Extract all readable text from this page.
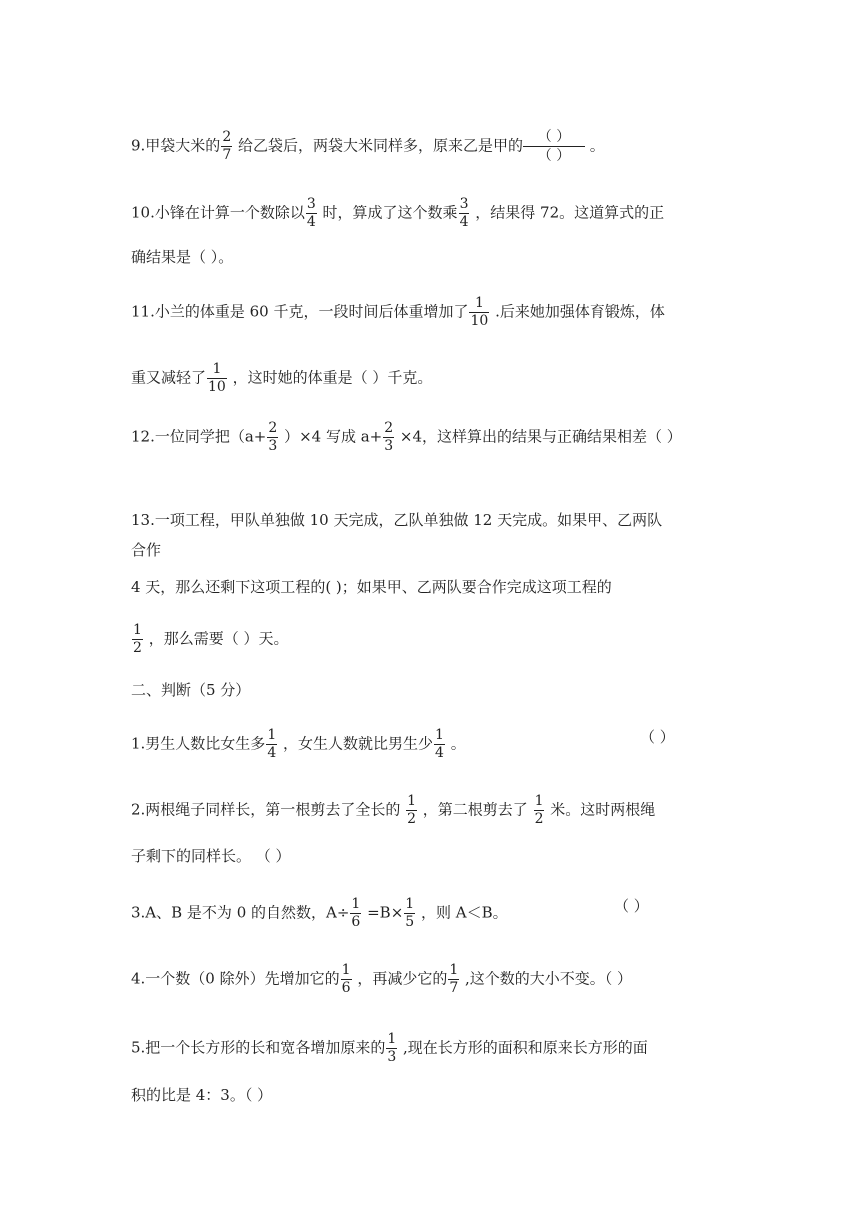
9.甲袋大米的 $\frac{2}{7}$ 给乙袋后，两袋大米同样多，原来乙是甲的 （ ）
（ ） 。
10.小锋在计算一个数除以 $\frac{3}{4}$ 时，算成了这个数乘 $\frac{3}{4}$ ，结果得 72。这道算式的正
确结果是（ ）。
11.小兰的体重是 60 千克，一段时间后体重增加了 $\frac{1}{10}$ .后来她加强体育锻炼，体
重又减轻了 $\frac{1}{10}$ ，这时她的体重是（ ）千克。
12.一位同学把$(a+ \frac{2}{3} )\times 4$ 写成 $a+ \frac{2}{3} \times 4$，这样算出的结果与正确结果相差（ ）
13.一项工程，甲队单独做 10 天完成，乙队单独做 12 天完成。如果甲、乙两队
合作
4 天，那么还剩下这项工程的( )；如果甲、乙两队要合作完成这项工程的
$\frac{1}{2}$ ，那么需要（ ）天。
二、判断（5 分）
1.男生人数比女生多 $\frac{1}{4}$ ，女生人数就比男生少 $\frac{1}{4}$ 。	（ ）
2.两根绳子同样长，第一根剪去了全长的 $\frac{1}{2}$ ，第二根剪去了 $\frac{1}{2}$ 米。这时两根绳
子剩下的同样长。 （ ）
3.A、B 是不为 0 的自然数，$A\div \frac{1}{6} =B\times \frac{1}{5}$ ，则 A＜B。	（ ）
4.一个数（0 除外）先增加它的 $\frac{1}{6}$ ，再减少它的 $\frac{1}{7}$ ,这个数的大小不变。（ ）
5.把一个长方形的长和宽各增加原来的 $\frac{1}{3}$ ,现在长方形的面积和原来长方形的面
积的比是 4：3。（ ）
